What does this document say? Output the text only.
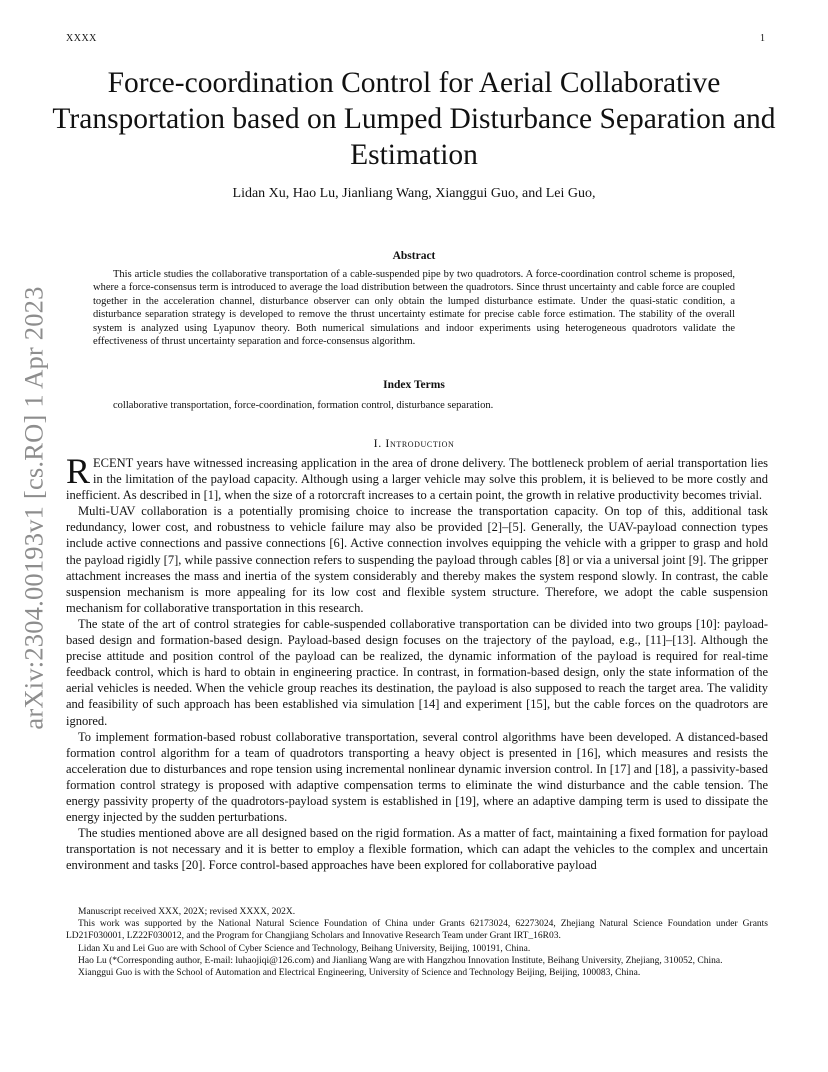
XXXX	1
arXiv:2304.00193v1 [cs.RO] 1 Apr 2023
Force-coordination Control for Aerial Collaborative Transportation based on Lumped Disturbance Separation and Estimation
Lidan Xu, Hao Lu, Jianliang Wang, Xianggui Guo, and Lei Guo,
Abstract
This article studies the collaborative transportation of a cable-suspended pipe by two quadrotors. A force-coordination control scheme is proposed, where a force-consensus term is introduced to average the load distribution between the quadrotors. Since thrust uncertainty and cable force are coupled together in the acceleration channel, disturbance observer can only obtain the lumped disturbance estimate. Under the quasi-static condition, a disturbance separation strategy is developed to remove the thrust uncertainty estimate for precise cable force estimation. The stability of the overall system is analyzed using Lyapunov theory. Both numerical simulations and indoor experiments using heterogeneous quadrotors validate the effectiveness of thrust uncertainty separation and force-consensus algorithm.
Index Terms
collaborative transportation, force-coordination, formation control, disturbance separation.
I. Introduction

RECENT years have witnessed increasing application in the area of drone delivery. The bottleneck problem of aerial transportation lies in the limitation of the payload capacity. Although using a larger vehicle may solve this problem, it is believed to be more costly and inefficient. As described in [1], when the size of a rotorcraft increases to a certain point, the growth in relative productivity becomes trivial.

Multi-UAV collaboration is a potentially promising choice to increase the transportation capacity. On top of this, additional task redundancy, lower cost, and robustness to vehicle failure may also be provided [2]–[5]. Generally, the UAV-payload connection types include active connections and passive connections [6]. Active connection involves equipping the vehicle with a gripper to grasp and hold the payload rigidly [7], while passive connection refers to suspending the payload through cables [8] or via a universal joint [9]. The gripper attachment increases the mass and inertia of the system considerably and thereby makes the system respond slowly. In contrast, the cable suspension mechanism is more appealing for its low cost and flexible system structure. Therefore, we adopt the cable suspension mechanism for collaborative transportation in this research.

The state of the art of control strategies for cable-suspended collaborative transportation can be divided into two groups [10]: payload-based design and formation-based design. Payload-based design focuses on the trajectory of the payload, e.g., [11]–[13]. Although the precise attitude and position control of the payload can be realized, the dynamic information of the payload is required for real-time feedback control, which is hard to obtain in engineering practice. In contrast, in formation-based design, only the state information of the aerial vehicles is needed. When the vehicle group reaches its destination, the payload is also supposed to reach the target area. The validity and feasibility of such approach has been established via simulation [14] and experiment [15], but the cable forces on the quadrotors are ignored.

To implement formation-based robust collaborative transportation, several control algorithms have been developed. A distanced-based formation control algorithm for a team of quadrotors transporting a heavy object is presented in [16], which measures and resists the acceleration due to disturbances and rope tension using incremental nonlinear dynamic inversion control. In [17] and [18], a passivity-based formation control strategy is proposed with adaptive compensation terms to eliminate the wind disturbance and the cable tension. The energy passivity property of the quadrotors-payload system is established in [19], where an adaptive damping term is used to dissipate the energy injected by the sudden perturbations.

The studies mentioned above are all designed based on the rigid formation. As a matter of fact, maintaining a fixed formation for payload transportation is not necessary and it is better to employ a flexible formation, which can adapt the vehicles to the complex and uncertain environment and tasks [20]. Force control-based approaches have been explored for collaborative payload

Manuscript received XXX, 202X; revised XXXX, 202X.

This work was supported by the National Natural Science Foundation of China under Grants 62173024, 62273024, Zhejiang Natural Science Foundation under Grants LD21F030001, LZ22F030012, and the Program for Changjiang Scholars and Innovative Research Team under Grant IRT_16R03.

Lidan Xu and Lei Guo are with School of Cyber Science and Technology, Beihang University, Beijing, 100191, China.

Hao Lu (*Corresponding author, E-mail: luhaojiqi@126.com) and Jianliang Wang are with Hangzhou Innovation Institute, Beihang University, Zhejiang, 310052, China.

Xianggui Guo is with the School of Automation and Electrical Engineering, University of Science and Technology Beijing, Beijing, 100083, China.
